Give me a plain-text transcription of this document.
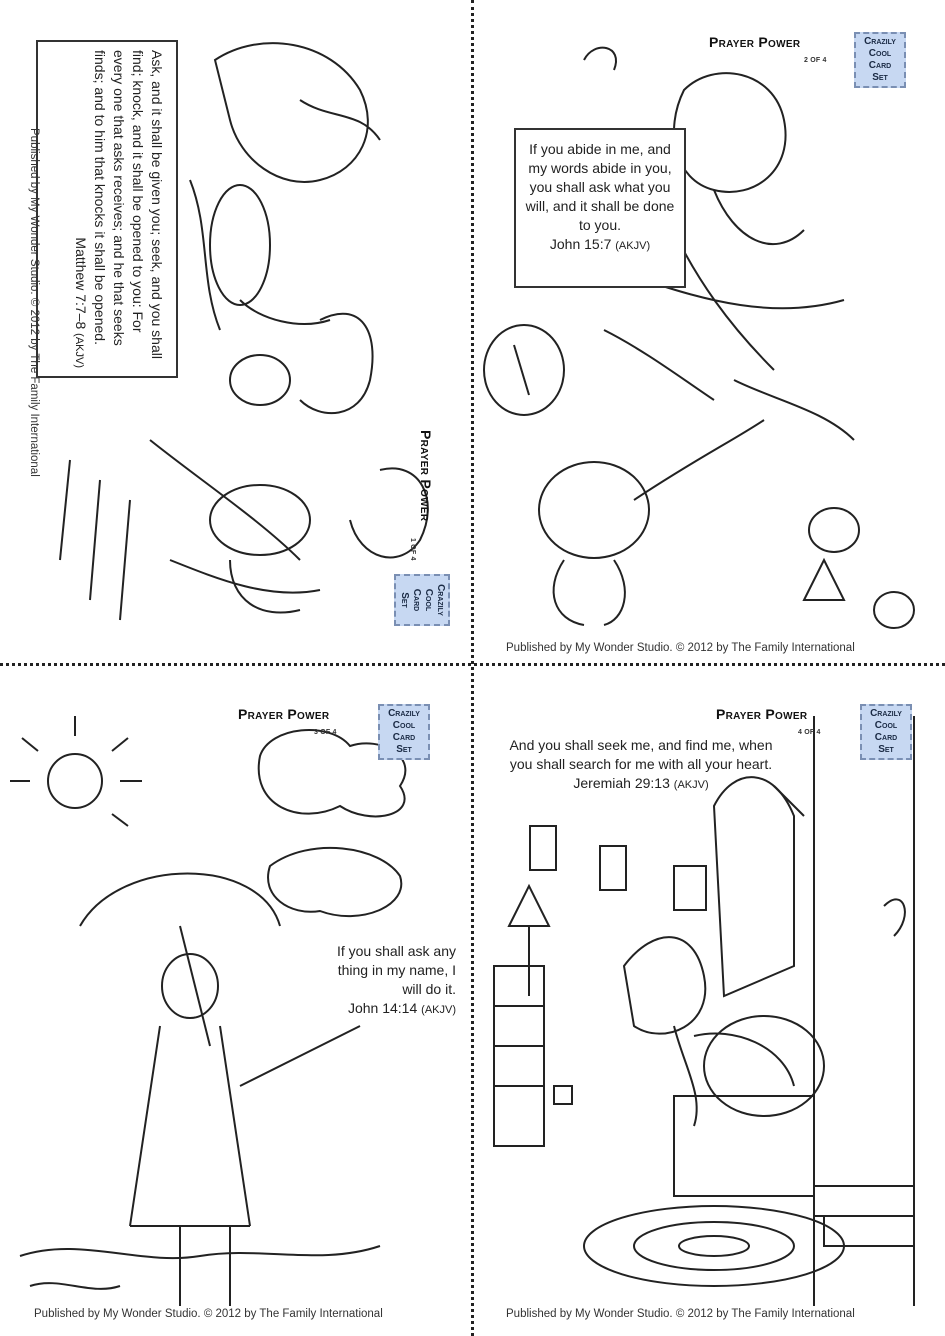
Prayer Power
1 OF 4
Crazily
Cool
Card
Set
Ask, and it shall be given you; seek, and you shall find; knock, and it shall be opened to you: For every one that asks receives; and he that seeks finds; and to him that knocks it shall be opened.
Matthew 7:7–8 (AKJV)
Published by My Wonder Studio. © 2012 by The Family International
Prayer Power
2 OF 4
Crazily
Cool
Card
Set
If you abide in me, and my words abide in you, you shall ask what you will, and it shall be done to you.
John 15:7 (AKJV)
Published by My Wonder Studio. © 2012 by The Family International
Prayer Power
3 OF 4
Crazily
Cool
Card
Set
If you shall ask any thing in my name, I will do it.
John 14:14 (AKJV)
Published by My Wonder Studio. © 2012 by The Family International
Prayer Power
4 OF 4
Crazily
Cool
Card
Set
And you shall seek me, and find me, when you shall search for me with all your heart.
Jeremiah 29:13 (AKJV)
Published by My Wonder Studio. © 2012 by The Family International
